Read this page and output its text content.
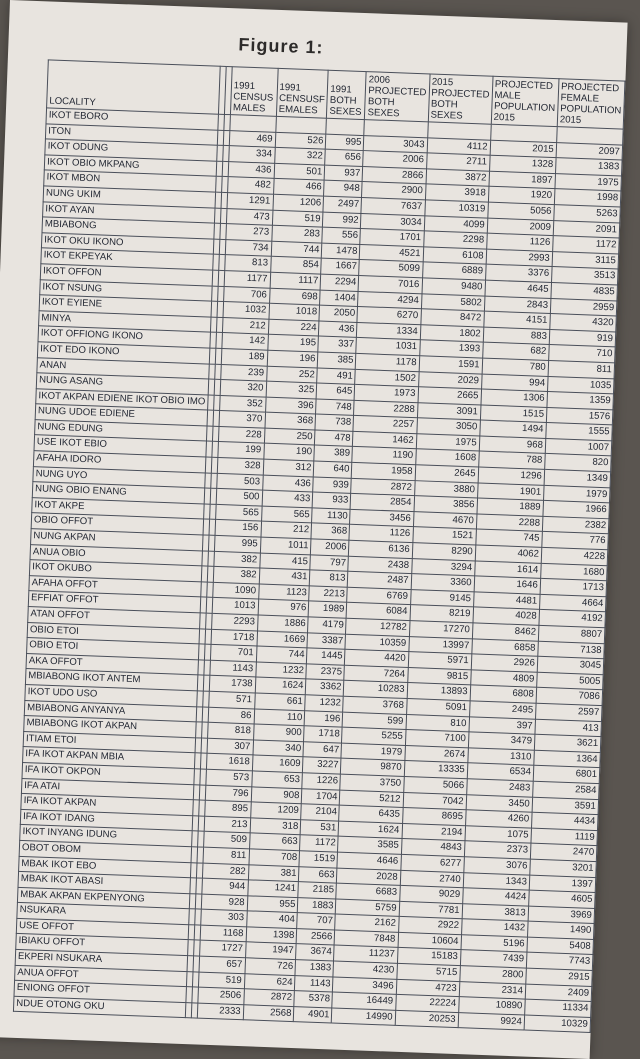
Figure 1:
LOCALITY			1991 CENSUS MALES	1991 CENSUSF EMALES	1991 BOTH SEXES	2006 PROJECTED BOTH SEXES	2015 PROJECTED BOTH SEXES	PROJECTED MALE POPULATION 2015	PROJECTED FEMALE POPULATION 2015
IKOT EBORO									
ITON			469	526	995	3043	4112	2015	2097
IKOT ODUNG			334	322	656	2006	2711	1328	1383
IKOT OBIO MKPANG			436	501	937	2866	3872	1897	1975
IKOT MBON			482	466	948	2900	3918	1920	1998
NUNG UKIM			1291	1206	2497	7637	10319	5056	5263
IKOT AYAN			473	519	992	3034	4099	2009	2091
MBIABONG			273	283	556	1701	2298	1126	1172
IKOT OKU IKONO			734	744	1478	4521	6108	2993	3115
IKOT EKPEYAK			813	854	1667	5099	6889	3376	3513
IKOT OFFON			1177	1117	2294	7016	9480	4645	4835
IKOT NSUNG			706	698	1404	4294	5802	2843	2959
IKOT EYIENE			1032	1018	2050	6270	8472	4151	4320
MINYA			212	224	436	1334	1802	883	919
IKOT OFFIONG IKONO			142	195	337	1031	1393	682	710
IKOT EDO IKONO			189	196	385	1178	1591	780	811
ANAN			239	252	491	1502	2029	994	1035
NUNG ASANG			320	325	645	1973	2665	1306	1359
IKOT AKPAN EDIENE IKOT OBIO IMO			352	396	748	2288	3091	1515	1576
NUNG UDOE EDIENE			370	368	738	2257	3050	1494	1555
NUNG EDUNG			228	250	478	1462	1975	968	1007
USE IKOT EBIO			199	190	389	1190	1608	788	820
AFAHA IDORO			328	312	640	1958	2645	1296	1349
NUNG UYO			503	436	939	2872	3880	1901	1979
NUNG OBIO ENANG			500	433	933	2854	3856	1889	1966
IKOT AKPE			565	565	1130	3456	4670	2288	2382
OBIO OFFOT			156	212	368	1126	1521	745	776
NUNG AKPAN			995	1011	2006	6136	8290	4062	4228
ANUA OBIO			382	415	797	2438	3294	1614	1680
IKOT OKUBO			382	431	813	2487	3360	1646	1713
AFAHA OFFOT			1090	1123	2213	6769	9145	4481	4664
EFFIAT OFFOT			1013	976	1989	6084	8219	4028	4192
ATAN OFFOT			2293	1886	4179	12782	17270	8462	8807
OBIO ETOI			1718	1669	3387	10359	13997	6858	7138
OBIO ETOI			701	744	1445	4420	5971	2926	3045
AKA OFFOT			1143	1232	2375	7264	9815	4809	5005
MBIABONG IKOT ANTEM			1738	1624	3362	10283	13893	6808	7086
IKOT UDO USO			571	661	1232	3768	5091	2495	2597
MBIABONG ANYANYA			86	110	196	599	810	397	413
MBIABONG IKOT AKPAN			818	900	1718	5255	7100	3479	3621
ITIAM ETOI			307	340	647	1979	2674	1310	1364
IFA IKOT AKPAN MBIA			1618	1609	3227	9870	13335	6534	6801
IFA IKOT OKPON			573	653	1226	3750	5066	2483	2584
IFA ATAI			796	908	1704	5212	7042	3450	3591
IFA IKOT AKPAN			895	1209	2104	6435	8695	4260	4434
IFA IKOT IDANG			213	318	531	1624	2194	1075	1119
IKOT INYANG IDUNG			509	663	1172	3585	4843	2373	2470
OBOT OBOM			811	708	1519	4646	6277	3076	3201
MBAK IKOT EBO			282	381	663	2028	2740	1343	1397
MBAK IKOT ABASI			944	1241	2185	6683	9029	4424	4605
MBAK AKPAN EKPENYONG			928	955	1883	5759	7781	3813	3969
NSUKARA			303	404	707	2162	2922	1432	1490
USE OFFOT			1168	1398	2566	7848	10604	5196	5408
IBIAKU OFFOT			1727	1947	3674	11237	15183	7439	7743
EKPERI NSUKARA			657	726	1383	4230	5715	2800	2915
ANUA OFFOT			519	624	1143	3496	4723	2314	2409
ENIONG OFFOT			2506	2872	5378	16449	22224	10890	11334
NDUE OTONG OKU			2333	2568	4901	14990	20253	9924	10329
